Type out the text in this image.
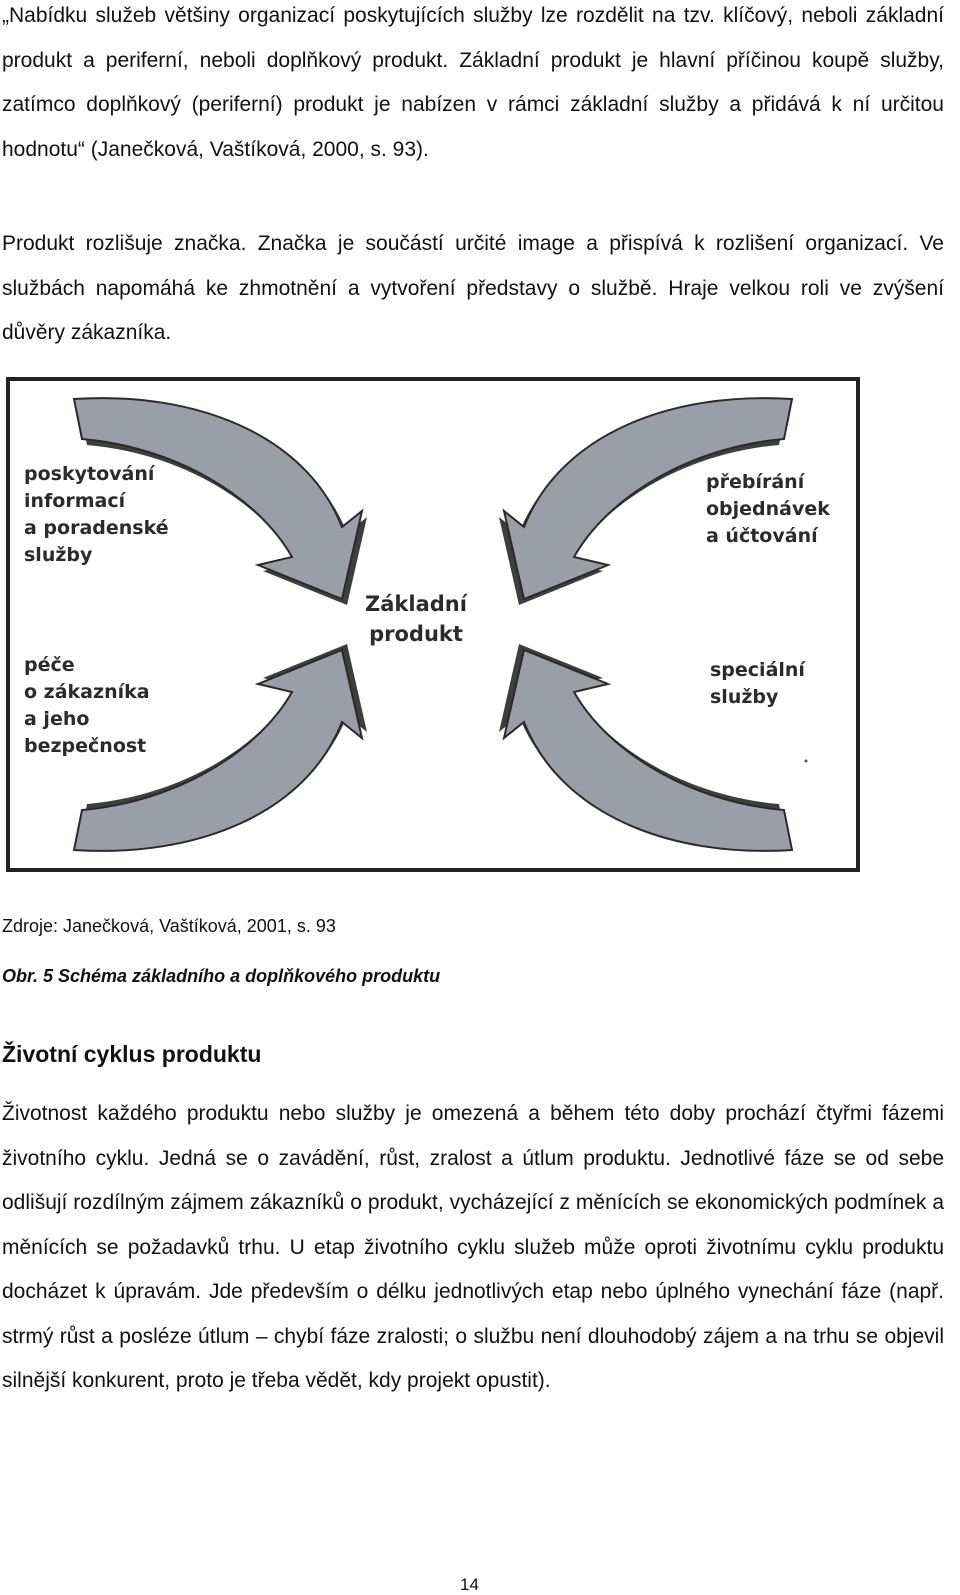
„Nabídku služeb většiny organizací poskytujících služby lze rozdělit na tzv. klíčový, neboli základní produkt a periferní, neboli doplňkový produkt. Základní produkt je hlavní příčinou koupě služby, zatímco doplňkový (periferní) produkt je nabízen v rámci základní služby a přidává k ní určitou hodnotu“ (Janečková, Vaštíková, 2000, s. 93).

Produkt rozlišuje značka. Značka je součástí určité image a přispívá k rozlišení organizací. Ve službách napomáhá ke zhmotnění a vytvoření představy o službě. Hraje velkou roli ve zvýšení důvěry zákazníka.

poskytování
informací
a poradenské
služby
přebírání
objednávek
a účtování
Základní
produkt
péče
o zákazníka
a jeho
bezpečnost
speciální
služby

Zdroje: Janečková, Vaštíková, 2001, s. 93

Obr. 5 Schéma základního a doplňkového produktu

Životní cyklus produktu

Životnost každého produktu nebo služby je omezená a během této doby prochází čtyřmi fázemi životního cyklu. Jedná se o zavádění, růst, zralost a útlum produktu. Jednotlivé fáze se od sebe odlišují rozdílným zájmem zákazníků o produkt, vycházející z měnících se ekonomických podmínek a měnících se požadavků trhu. U etap životního cyklu služeb může oproti životnímu cyklu produktu docházet k úpravám. Jde především o délku jednotlivých etap nebo úplného vynechání fáze (např. strmý růst a posléze útlum – chybí fáze zralosti; o službu není dlouhodobý zájem a na trhu se objevil silnější konkurent, proto je třeba vědět, kdy projekt opustit).

14
